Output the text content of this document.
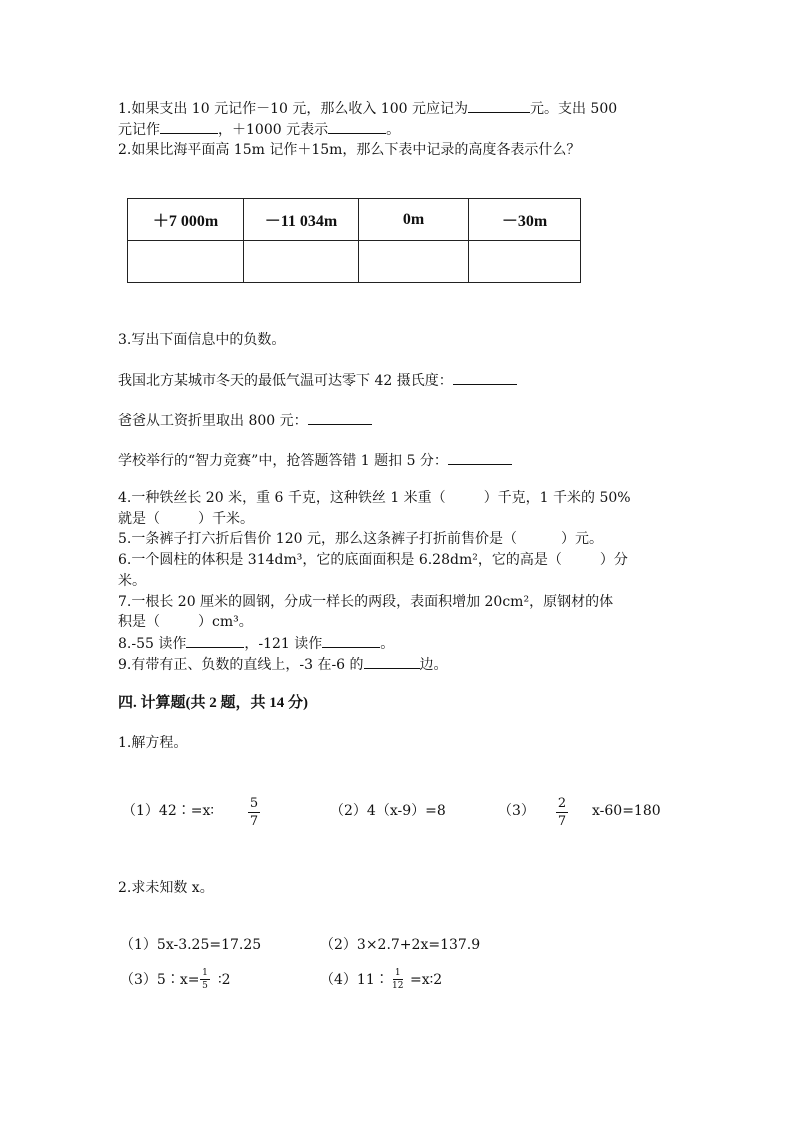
1.如果支出 10 元记作－10 元，那么收入 100 元应记为	元。支出 500
元记作	，＋1000 元表示	。
2.如果比海平面高 15m 记作＋15m，那么下表中记录的高度各表示什么？
＋7 000m	－11 034m	0m	－30m

3.写出下面信息中的负数。
我国北方某城市冬天的最低气温可达零下 42 摄氏度：
爸爸从工资折里取出 800 元：
学校举行的“智力竞赛”中，抢答题答错 1 题扣 5 分：
4.一种铁丝长 20 米，重 6 千克，这种铁丝 1 米重（	）千克，1 千米的 50%
就是（	）千米。
5.一条裤子打六折后售价 120 元，那么这条裤子打折前售价是（	）元。
6.一个圆柱的体积是 314dm³，它的底面面积是 6.28dm²，它的高是（	）分
米。
7.一根长 20 厘米的圆钢，分成一样长的两段，表面积增加 20cm²，原钢材的体
积是（	）cm³。
8.-55 读作	，-121 读作	。
9.有带有正、负数的直线上，-3 在-6 的	边。
四. 计算题(共 2 题，共 14 分)
1.解方程。
（1）42∶=x∶	5
7
（2）4（x-9）=8	（3） 2
7
x-60=180
2.求未知数 x。
（1）5x-3.25=17.25	（2）3×2.7+2x=137.9
（3）5∶x= 1
5 ∶2	（4）11∶ 1
12 =x∶2
